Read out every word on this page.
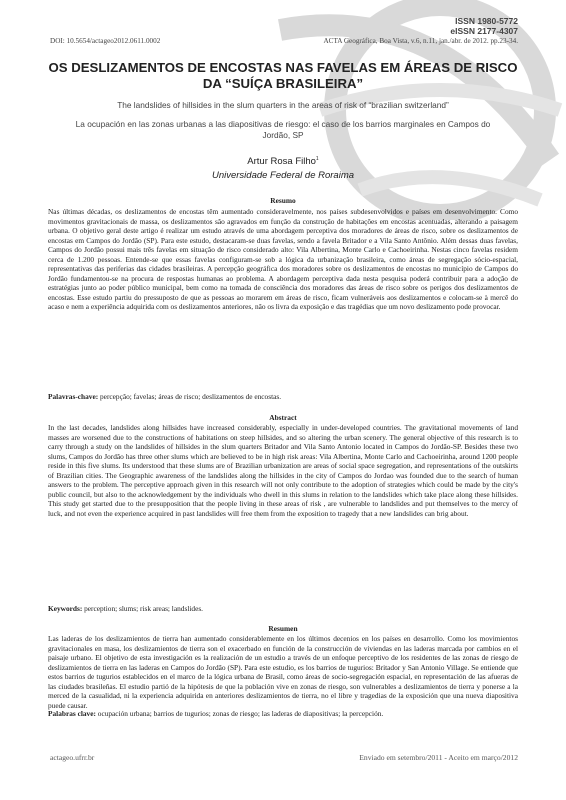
ISSN 1980-5772
eISSN 2177-4307
DOI: 10.5654/actageo2012.0611.0002	ACTA Geográfica, Boa Vista, v.6, n.11, jan./abr. de 2012. pp.23-34.
OS DESLIZAMENTOS DE ENCOSTAS NAS FAVELAS EM ÁREAS DE RISCO DA “SUÍÇA BRASILEIRA”
The landslides of hillsides in the slum quarters in the areas of risk of “brazilian switzerland”
La ocupación en las zonas urbanas a las diapositivas de riesgo: el caso de los barrios marginales en Campos do Jordão, SP
Artur Rosa Filho$^1$
Universidade Federal de Roraima
Resumo
Nas últimas décadas, os deslizamentos de encostas têm aumentado consideravelmente, nos países subdesenvolvidos e países em desenvolvimento. Como movimentos gravitacionais de massa, os deslizamentos são agravados em função da construção de habitações em encostas acentuadas, alterando a paisagem urbana. O objetivo geral deste artigo é realizar um estudo através de uma abordagem perceptiva dos moradores de áreas de risco, sobre os deslizamentos de encostas em Campos do Jordão (SP). Para este estudo, destacaram-se duas favelas, sendo a favela Britador e a Vila Santo Antônio. Além dessas duas favelas, Campos do Jordão possui mais três favelas em situação de risco considerado alto: Vila Albertina, Monte Carlo e Cachoeirinha. Nestas cinco favelas residem cerca de 1.200 pessoas. Entende-se que essas favelas configuram-se sob a lógica da urbanização brasileira, como áreas de segregação sócio-espacial, representativas das periferias das cidades brasileiras. A percepção geográfica dos moradores sobre os deslizamentos de encostas no município de Campos do Jordão fundamentou-se na procura de respostas humanas ao problema. A abordagem perceptiva dada nesta pesquisa poderá contribuir para a adoção de estratégias junto ao poder público municipal, bem como na tomada de consciência dos moradores das áreas de risco sobre os perigos dos deslizamentos de encostas. Esse estudo partiu do pressuposto de que as pessoas ao morarem em áreas de risco, ficam vulneráveis aos deslizamentos e colocam-se à mercê do acaso e nem a experiência adquirida com os deslizamentos anteriores, não os livra da exposição e das tragédias que um novo deslizamento pode provocar.
Palavras-chave: percepção; favelas; áreas de risco; deslizamentos de encostas.
Abstract
In the last decades, landslides along hillsides have increased considerably, especially in under-developed countries. The gravitational movements of land masses are worsened due to the constructions of habitations on steep hillsides, and so altering the urban scenery. The general objective of this research is to carry through a study on the landslides of hillsides in the slum quarters Britador and Vila Santo Antonio located in Campos do Jordão-SP. Besides these two slums, Campos do Jordão has three other slums which are believed to be in high risk areas: Vila Albertina, Monte Carlo and Cachoeirinha, around 1200 people reside in this five slums. Its understood that these slums are of Brazilian urbanization are areas of social space segregation, and representations of the outskirts of Brazilian cities. The Geographic awareness of the landslides along the hillsides in the city of Campos do Jordao was founded due to the search of human answers to the problem. The perceptive approach given in this research will not only contribute to the adoption of strategies which could be made by the city's public council, but also to the acknowledgement by the individuals who dwell in this slums in relation to the landslides which take place along these hillsides. This study get started due to the presupposition that the people living in these areas of risk , are vulnerable to landslides and put themselves to the mercy of luck, and not even the experience acquired in past landslides will free them from the exposition to tragedy that a new landslides can brig about.
Keywords: perception; slums; risk areas; landslides.
Resumen
Las laderas de los deslizamientos de tierra han aumentado considerablemente en los últimos decenios en los países en desarrollo. Como los movimientos gravitacionales en masa, los deslizamientos de tierra son el exacerbado en función de la construcción de viviendas en las laderas marcada por cambios en el paisaje urbano. El objetivo de esta investigación es la realización de un estudio a través de un enfoque perceptivo de los residentes de las zonas de riesgo de deslizamientos de tierra en las laderas en Campos do Jordão (SP). Para este estudio, es los barrios de tugurios: Britador y San Antonio Village. Se entiende que estos barrios de tugurios establecidos en el marco de la lógica urbana de Brasil, como áreas de socio-segregación espacial, en representación de las afueras de las ciudades brasileñas. El estudio partió de la hipótesis de que la población vive en zonas de riesgo, son vulnerables a deslizamientos de tierra y ponerse a la merced de la casualidad, ni la experiencia adquirida en anteriores deslizamientos de tierra, no el libre y tragedias de la exposición que una nueva diapositiva puede causar.
Palabras clave: ocupación urbana; barrios de tugurios; zonas de riesgo; las laderas de diapositivas; la percepción.
actageo.ufrr.br	Enviado em setembro/2011 - Aceito em março/2012
